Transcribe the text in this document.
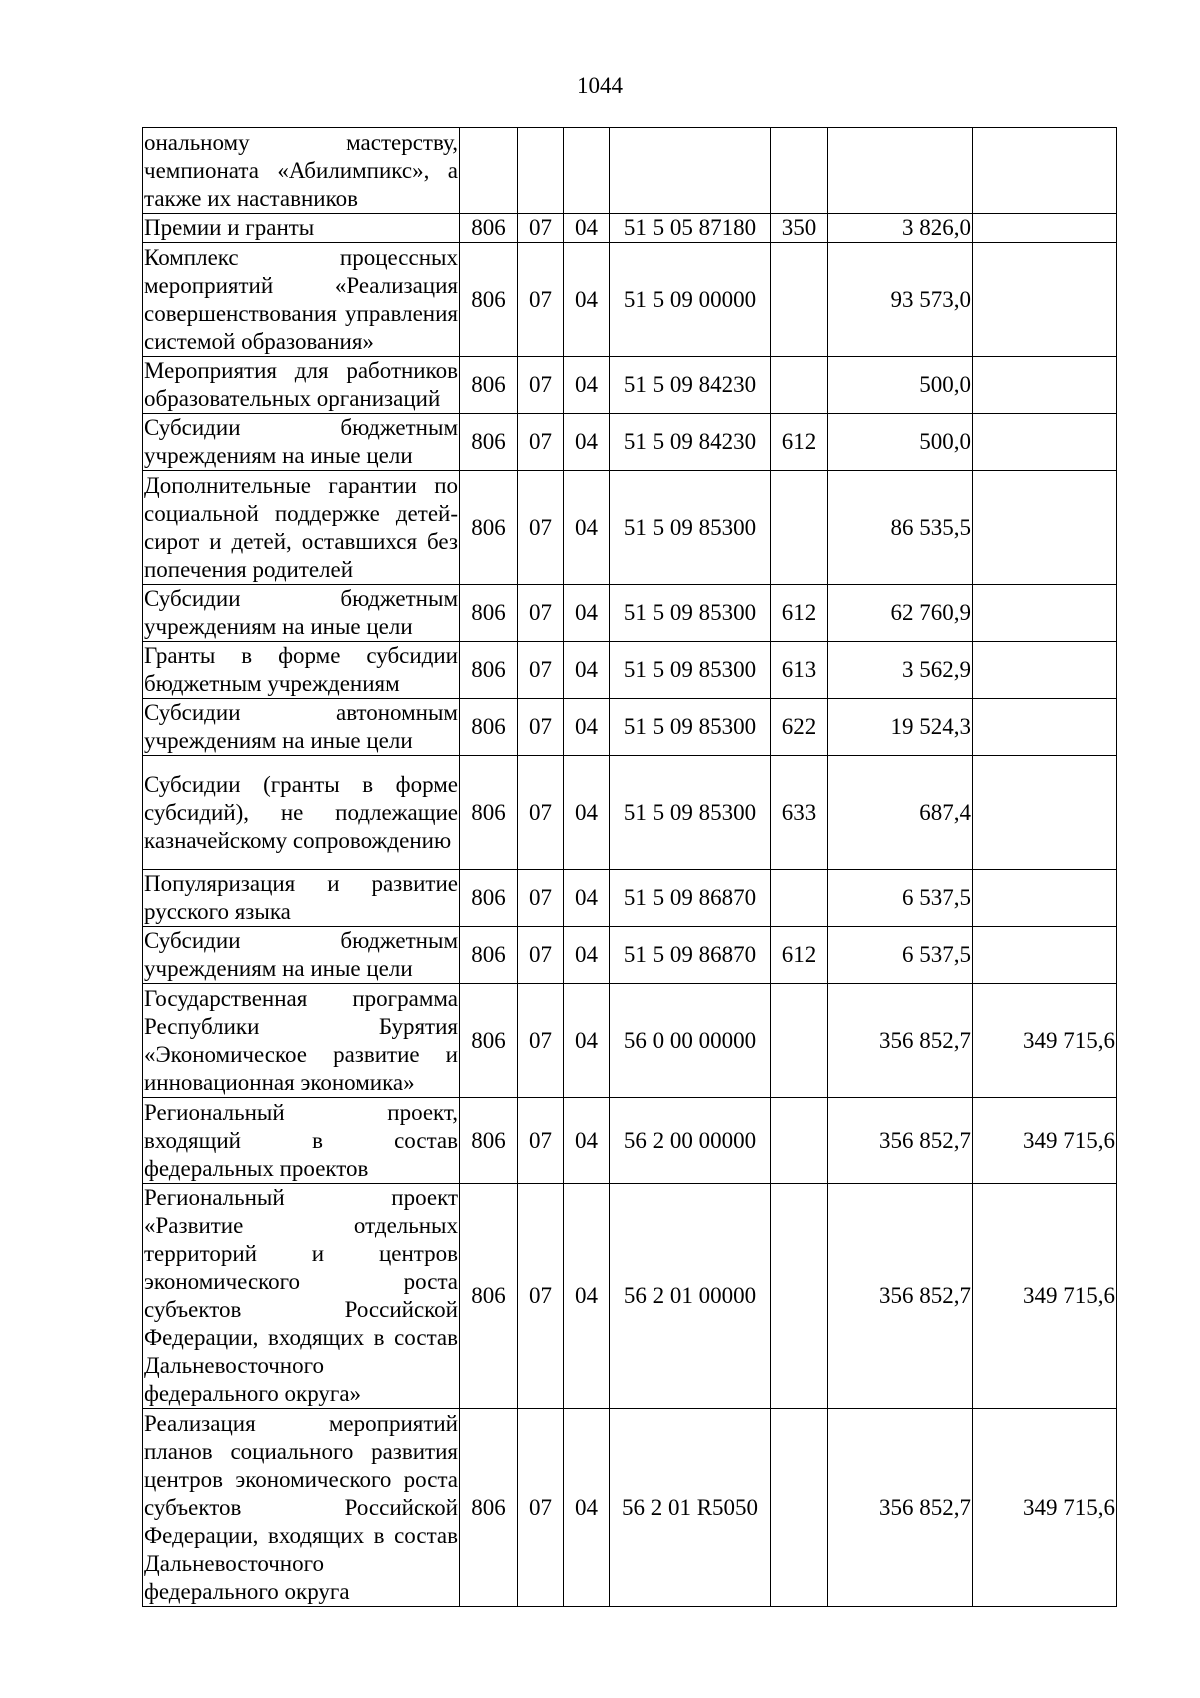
1044
ональному мастерству, чемпионата «Абилимпикс», а также их наставников							
Премии и гранты	806	07	04	51 5 05 87180	350	3 826,0	
Комплекс процессных мероприятий «Реализация совершенствования управления системой образования»	806	07	04	51 5 09 00000		93 573,0	
Мероприятия для работников образовательных организаций	806	07	04	51 5 09 84230		500,0	
Субсидии бюджетным учреждениям на иные цели	806	07	04	51 5 09 84230	612	500,0	
Дополнительные гарантии по социальной поддержке детей-сирот и детей, оставшихся без попечения родителей	806	07	04	51 5 09 85300		86 535,5	
Субсидии бюджетным учреждениям на иные цели	806	07	04	51 5 09 85300	612	62 760,9	
Гранты в форме субсидии бюджетным учреждениям	806	07	04	51 5 09 85300	613	3 562,9	
Субсидии автономным учреждениям на иные цели	806	07	04	51 5 09 85300	622	19 524,3	
Субсидии (гранты в форме субсидий), не подлежащие казначейскому сопровождению	806	07	04	51 5 09 85300	633	687,4	
Популяризация и развитие русского языка	806	07	04	51 5 09 86870		6 537,5	
Субсидии бюджетным учреждениям на иные цели	806	07	04	51 5 09 86870	612	6 537,5	
Государственная программа Республики Бурятия «Экономическое развитие и инновационная экономика»	806	07	04	56 0 00 00000		356 852,7	349 715,6
Региональный проект, входящий в состав федеральных проектов	806	07	04	56 2 00 00000		356 852,7	349 715,6
Региональный проект «Развитие отдельных территорий и центров экономического роста субъектов Российской Федерации, входящих в состав Дальневосточного федерального округа»	806	07	04	56 2 01 00000		356 852,7	349 715,6
Реализация мероприятий планов социального развития центров экономического роста субъектов Российской Федерации, входящих в состав Дальневосточного федерального округа	806	07	04	56 2 01 R5050		356 852,7	349 715,6
